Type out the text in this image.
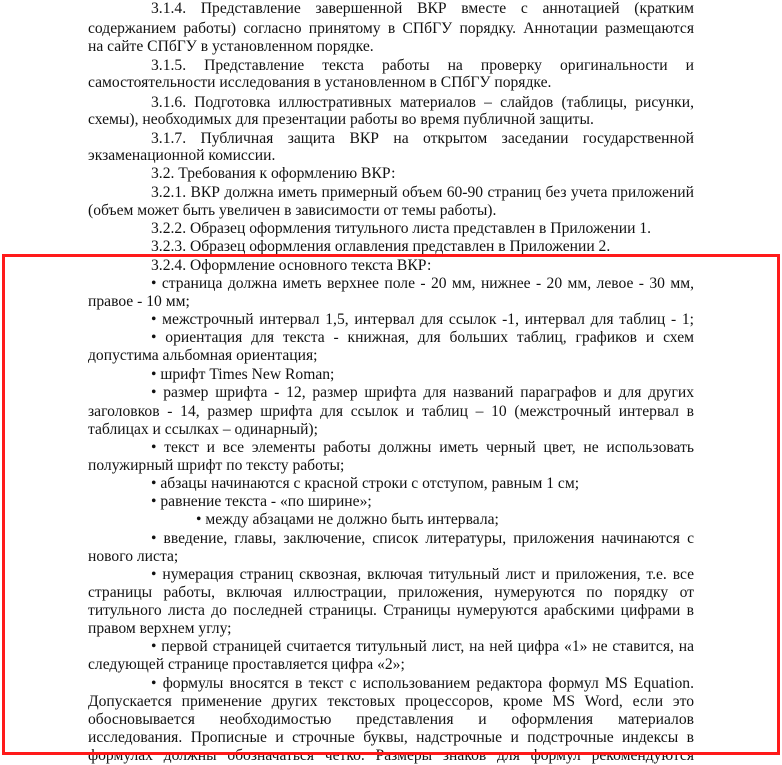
3.1.4. Представление завершенной ВКР вместе с аннотацией (кратким
содержанием работы) согласно принятому в СПбГУ порядку. Аннотации размещаются
на сайте СПбГУ в установленном порядке.
3.1.5. Представление текста работы на проверку оригинальности и
самостоятельности исследования в установленном в СПбГУ порядке.
3.1.6. Подготовка иллюстративных материалов – слайдов (таблицы, рисунки,
схемы), необходимых для презентации работы во время публичной защиты.
3.1.7. Публичная защита ВКР на открытом заседании государственной
экзаменационной комиссии.
3.2. Требования к оформлению ВКР:
3.2.1. ВКР должна иметь примерный объем 60-90 страниц без учета приложений
(объем может быть увеличен в зависимости от темы работы).
3.2.2. Образец оформления титульного листа представлен в Приложении 1.
3.2.3. Образец оформления оглавления представлен в Приложении 2.
3.2.4. Оформление основного текста ВКР:
• страница должна иметь верхнее поле - 20 мм, нижнее - 20 мм, левое - 30 мм,
правое - 10 мм;
• межстрочный интервал 1,5, интервал для ссылок -1, интервал для таблиц - 1;
• ориентация для текста - книжная, для больших таблиц, графиков и схем
допустима альбомная ориентация;
• шрифт Times New Roman;
• размер шрифта - 12, размер шрифта для названий параграфов и для других
заголовков - 14, размер шрифта для ссылок и таблиц – 10 (межстрочный интервал в
таблицах и ссылках – одинарный);
• текст и все элементы работы должны иметь черный цвет, не использовать
полужирный шрифт по тексту работы;
• абзацы начинаются с красной строки с отступом, равным 1 см;
• равнение текста - «по ширине»;
• между абзацами не должно быть интервала;
• введение, главы, заключение, список литературы, приложения начинаются с
нового листа;
• нумерация страниц сквозная, включая титульный лист и приложения, т.е. все
страницы работы, включая иллюстрации, приложения, нумеруются по порядку от
титульного листа до последней страницы. Страницы нумеруются арабскими цифрами в
правом верхнем углу;
• первой страницей считается титульный лист, на ней цифра «1» не ставится, на
следующей странице проставляется цифра «2»;
• формулы вносятся в текст с использованием редактора формул MS Equation.
Допускается применение других текстовых процессоров, кроме MS Word, если это
обосновывается необходимостью представления и оформления материалов
исследования. Прописные и строчные буквы, надстрочные и подстрочные индексы в
формулах должны обозначаться четко. Размеры знаков для формул рекомендуются
